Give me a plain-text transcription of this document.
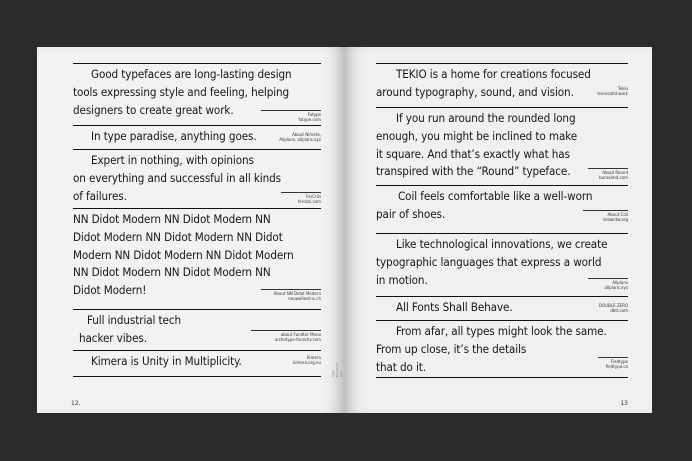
Good typefaces are long-lasting design
tools expressing style and feeling, helping
designers to create great work.	Fatype
fatype.com
In type paradise, anything goes.	About Nimeta,
Allplans, allplans.xyz
Expert in nothing, with opinions
on everything and successful in all kinds
of failures.	FerCrizi
fercozi.com
NN Didot Modern NN Didot Modern NN
Didot Modern NN Didot Modern NN Didot
Modern NN Didot Modern NN Didot Modern
NN Didot Modern NN Didot Modern NN
Didot Modern!	About NN Didot Modern
neuwelleslins.ch
Full industrial tech
hacker vibes.	about Fundtor Mono
archetype-foundry.com
Kimera is Unity in Multiplicity.	Kimera
kimera.org.eu
Type Foundries (xiv)
12.
TEKIO is a home for creations focused
around typography, sound, and vision.	Tekio
tsoresahd.work
If you run around the rounded long
enough, you might be inclined to make
it square. And that’s exactly what has
transpired with the “Round” typeface.	About Round
burealmd.com
Coil feels comfortable like a well-worn
pair of shoes.	About Coil
browntw.org
Like technological innovations, we create
typographic languages that express a world
in motion.	Allplans
allplans.xyz
All Fonts Shall Behave.	DOUBLE ZERO
dbtr.com
From afar, all types might look the same.
From up close, it’s the details
that do it.	Fiedtype
fiedtype.ca
13
